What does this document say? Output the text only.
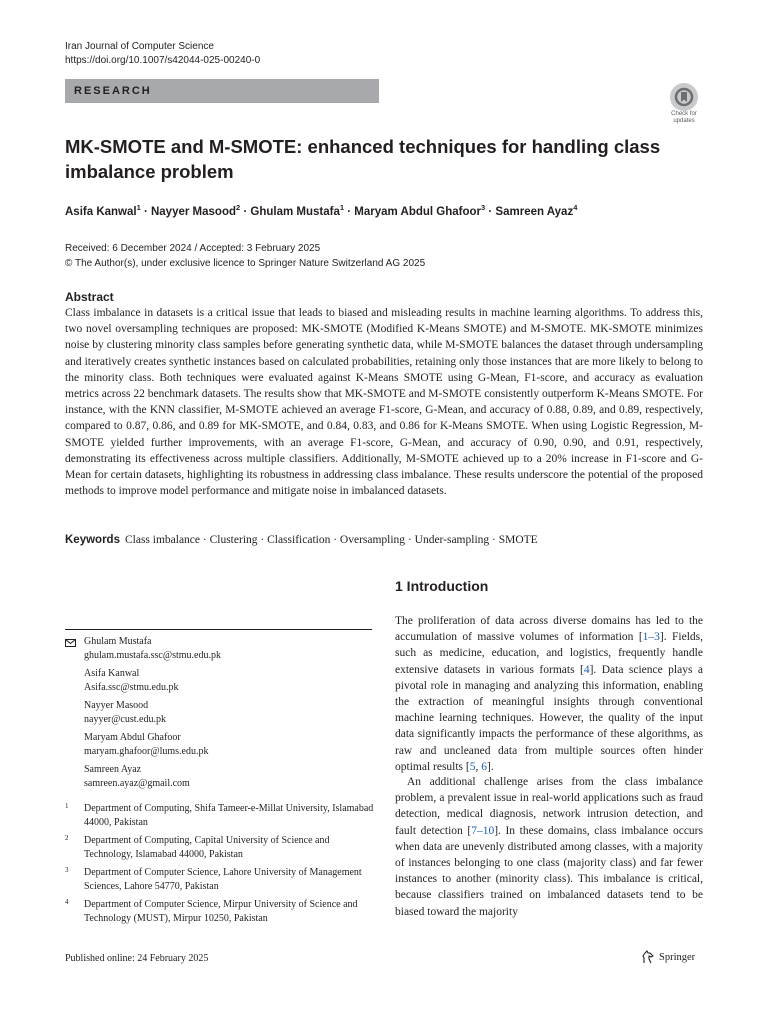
Iran Journal of Computer Science
https://doi.org/10.1007/s42044-025-00240-0
RESEARCH
Check for
updates
MK-SMOTE and M-SMOTE: enhanced techniques for handling class imbalance problem
Asifa Kanwal$^1$ · Nayyer Masood$^2$ · Ghulam Mustafa$^1$ · Maryam Abdul Ghafoor$^3$ · Samreen Ayaz$^4$
Received: 6 December 2024 / Accepted: 3 February 2025
© The Author(s), under exclusive licence to Springer Nature Switzerland AG 2025
Abstract

Class imbalance in datasets is a critical issue that leads to biased and misleading results in machine learning algorithms. To address this, two novel oversampling techniques are proposed: MK-SMOTE (Modified K-Means SMOTE) and M-SMOTE. MK-SMOTE minimizes noise by clustering minority class samples before generating synthetic data, while M-SMOTE balances the dataset through undersampling and iteratively creates synthetic instances based on calculated probabilities, retaining only those instances that are more likely to belong to the minority class. Both techniques were evaluated against K-Means SMOTE using G-Mean, F1-score, and accuracy as evaluation metrics across 22 benchmark datasets. The results show that MK-SMOTE and M-SMOTE consistently outperform K-Means SMOTE. For instance, with the KNN classifier, M-SMOTE achieved an average F1-score, G-Mean, and accuracy of 0.88, 0.89, and 0.89, respectively, compared to 0.87, 0.86, and 0.89 for MK-SMOTE, and 0.84, 0.83, and 0.86 for K-Means SMOTE. When using Logistic Regression, M-SMOTE yielded further improvements, with an average F1-score, G-Mean, and accuracy of 0.90, 0.90, and 0.91, respectively, demonstrating its effectiveness across multiple classifiers. Additionally, M-SMOTE achieved up to a 20% increase in F1-score and G-Mean for certain datasets, highlighting its robustness in addressing class imbalance. These results underscore the potential of the proposed methods to improve model performance and mitigate noise in imbalanced datasets.

Keywords Class imbalance · Clustering · Classification · Oversampling · Under-sampling · SMOTE
1 Introduction

The proliferation of data across diverse domains has led to the accumulation of massive volumes of information [1–3]. Fields, such as medicine, education, and logistics, frequently handle extensive datasets in various formats [4]. Data science plays a pivotal role in managing and analyzing this information, enabling the extraction of meaningful insights through conventional machine learning techniques. However, the quality of the input data significantly impacts the performance of these algorithms, as raw and uncleaned data from multiple sources often hinder optimal results [5, 6].

An additional challenge arises from the class imbalance problem, a prevalent issue in real-world applications such as fraud detection, medical diagnosis, network intrusion detection, and fault detection [7–10]. In these domains, class imbalance occurs when data are unevenly distributed among classes, with a majority of instances belonging to one class (majority class) and far fewer instances to another (minority class). This imbalance is critical, because classifiers trained on imbalanced datasets tend to be biased toward the majority

Ghulam Mustafa
ghulam.mustafa.ssc@stmu.edu.pk
Asifa Kanwal
Asifa.ssc@stmu.edu.pk
Nayyer Masood
nayyer@cust.edu.pk
Maryam Abdul Ghafoor
maryam.ghafoor@lums.edu.pk
Samreen Ayaz
samreen.ayaz@gmail.com
1 Department of Computing, Shifa Tameer-e-Millat University, Islamabad 44000, Pakistan
2 Department of Computing, Capital University of Science and Technology, Islamabad 44000, Pakistan
3 Department of Computer Science, Lahore University of Management Sciences, Lahore 54770, Pakistan
4 Department of Computer Science, Mirpur University of Science and Technology (MUST), Mirpur 10250, Pakistan
Published online: 24 February 2025	Springer
